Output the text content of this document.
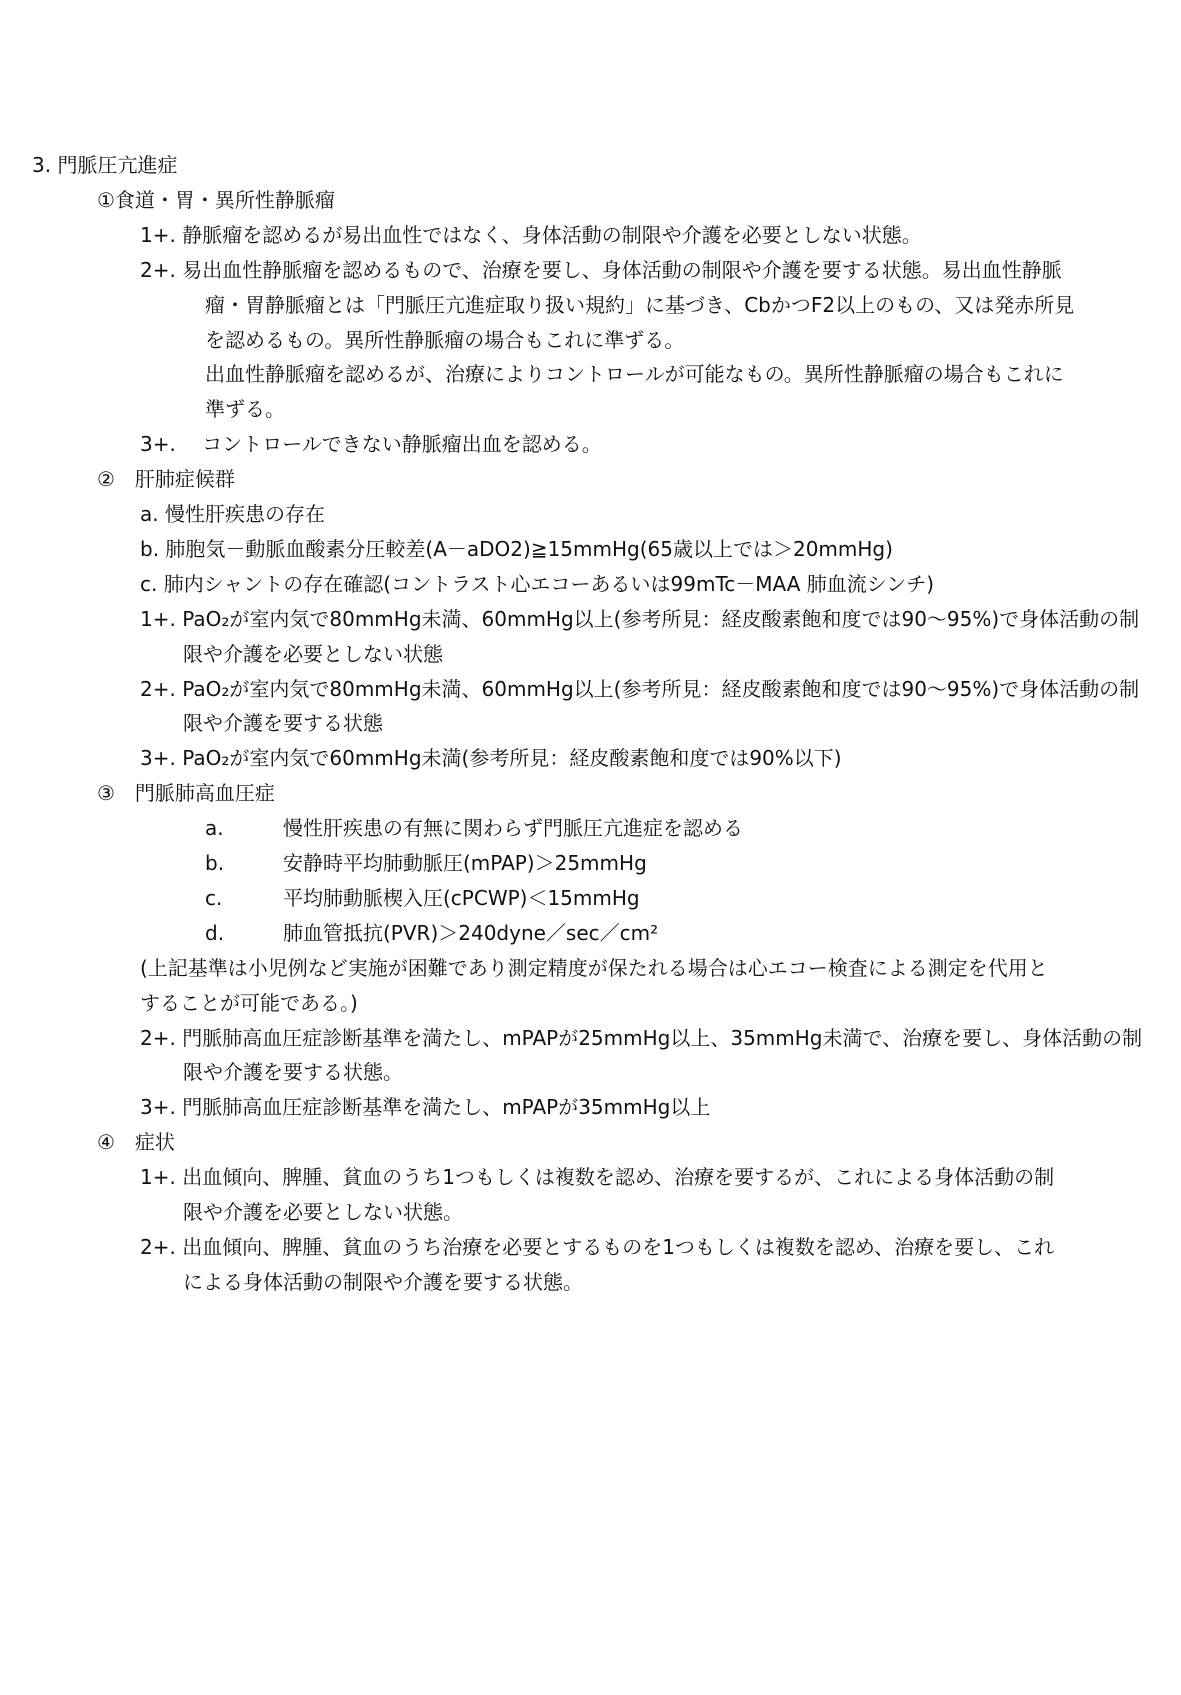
3. 門脈圧亢進症
①食道・胃・異所性静脈瘤
1+. 静脈瘤を認めるが易出血性ではなく、身体活動の制限や介護を必要としない状態。
2+. 易出血性静脈瘤を認めるもので、治療を要し、身体活動の制限や介護を要する状態。易出血性静脈
瘤・胃静脈瘤とは「門脈圧亢進症取り扱い規約」に基づき、CbかつF2以上のもの、又は発赤所見
を認めるもの。異所性静脈瘤の場合もこれに準ずる。
出血性静脈瘤を認めるが、治療によりコントロールが可能なもの。異所性静脈瘤の場合もこれに
準ずる。
3+.　 コントロールできない静脈瘤出血を認める。
②　肝肺症候群
a. 慢性肝疾患の存在
b. 肺胞気－動脈血酸素分圧較差(A－aDO2)≧15mmHg(65歳以上では＞20mmHg)
c. 肺内シャントの存在確認(コントラスト心エコーあるいは99mTc－MAA 肺血流シンチ)
1+. PaO₂が室内気で80mmHg未満、60mmHg以上(参考所見：経皮酸素飽和度では90～95%)で身体活動の制
限や介護を必要としない状態
2+. PaO₂が室内気で80mmHg未満、60mmHg以上(参考所見：経皮酸素飽和度では90～95%)で身体活動の制
限や介護を要する状態
3+. PaO₂が室内気で60mmHg未満(参考所見：経皮酸素飽和度では90%以下)
③　門脈肺高血圧症
a.	慢性肝疾患の有無に関わらず門脈圧亢進症を認める
b.	安静時平均肺動脈圧(mPAP)＞25mmHg
c.	平均肺動脈楔入圧(cPCWP)＜15mmHg
d.	肺血管抵抗(PVR)＞240dyne／sec／cm²
(上記基準は小児例など実施が困難であり測定精度が保たれる場合は心エコー検査による測定を代用と
することが可能である。)
2+. 門脈肺高血圧症診断基準を満たし、mPAPが25mmHg以上、35mmHg未満で、治療を要し、身体活動の制
限や介護を要する状態。
3+. 門脈肺高血圧症診断基準を満たし、mPAPが35mmHg以上
④　症状
1+. 出血傾向、脾腫、貧血のうち1つもしくは複数を認め、治療を要するが、これによる身体活動の制
限や介護を必要としない状態。
2+. 出血傾向、脾腫、貧血のうち治療を必要とするものを1つもしくは複数を認め、治療を要し、これ
による身体活動の制限や介護を要する状態。
